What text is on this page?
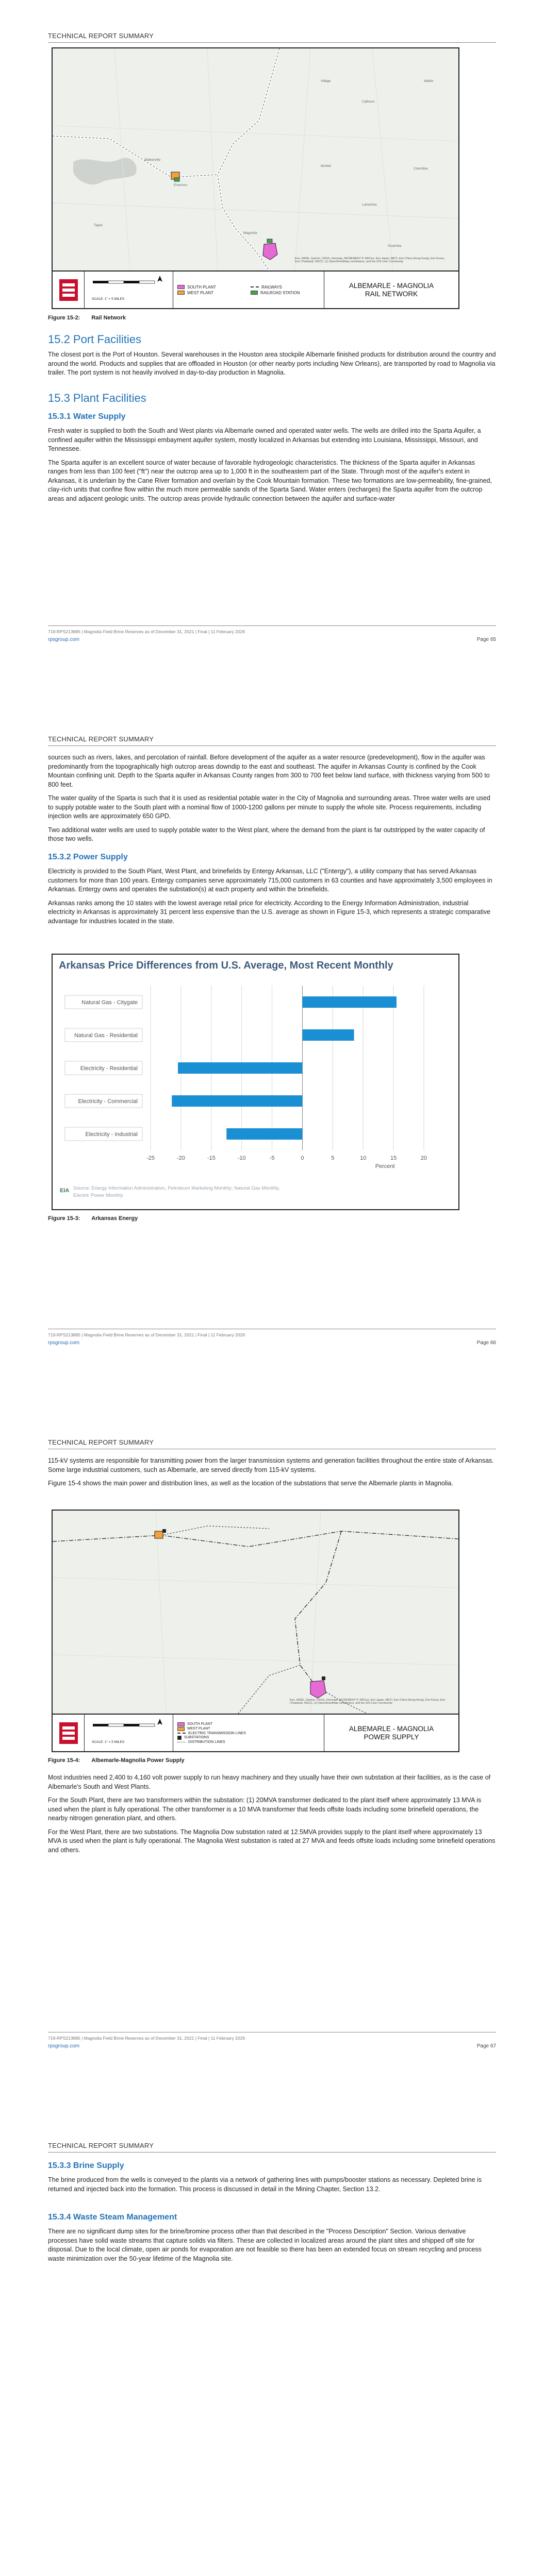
TECHNICAL REPORT SUMMARY
Walkerville
Magnolia
Emerson
Taylor
Calhoun
Columbia
McNeil
Lamartine
Waldo
Ouachita
Village
Esri, HERE, Garmin, USGS, Intermap, INCREMENT P, NRCan, Esri Japan, METI, Esri China (Hong Kong), Esri Korea, Esri (Thailand), NGCC, (c) OpenStreetMap contributors, and the GIS User Community
SCALE: 1" = 5 MILES
SOUTH PLANT	RAILWAYS
WEST PLANT	RAILROAD STATION
ALBEMARLE - MAGNOLIA
RAIL NETWORK
Figure 15-2: Rail Network
15.2 Port Facilities

The closest port is the Port of Houston. Several warehouses in the Houston area stockpile Albemarle finished products for distribution around the country and around the world. Products and supplies that are offloaded in Houston (or other nearby ports including New Orleans), are transported by road to Magnolia via trailer. The port system is not heavily involved in day-to-day production in Magnolia.

15.3 Plant Facilities
15.3.1 Water Supply

Fresh water is supplied to both the South and West plants via Albemarle owned and operated water wells. The wells are drilled into the Sparta Aquifer, a confined aquifer within the Mississippi embayment aquifer system, mostly localized in Arkansas but extending into Louisiana, Mississippi, Missouri, and Tennessee.

The Sparta aquifer is an excellent source of water because of favorable hydrogeologic characteristics. The thickness of the Sparta aquifer in Arkansas ranges from less than 100 feet ("ft") near the outcrop area up to 1,000 ft in the southeastern part of the State. Through most of the aquifer's extent in Arkansas, it is underlain by the Cane River formation and overlain by the Cook Mountain formation. These two formations are low-permeability, fine-grained, clay-rich units that confine flow within the much more permeable sands of the Sparta Sand. Water enters (recharges) the Sparta aquifer from the outcrop areas and adjacent geologic units. The outcrop areas provide hydraulic connection between the aquifer and surface-water

719-RPS213885 | Magnolia Field Brine Reserves as of December 31, 2021 | Final | 11 February 2026
rpsgroup.com	Page 65
TECHNICAL REPORT SUMMARY

sources such as rivers, lakes, and percolation of rainfall. Before development of the aquifer as a water resource (predevelopment), flow in the aquifer was predominantly from the topographically high outcrop areas downdip to the east and southeast. The aquifer in Arkansas County is confined by the Cook Mountain confining unit. Depth to the Sparta aquifer in Arkansas County ranges from 300 to 700 feet below land surface, with thickness varying from 500 to 800 feet.

The water quality of the Sparta is such that it is used as residential potable water in the City of Magnolia and surrounding areas. Three water wells are used to supply potable water to the South plant with a nominal flow of 1000-1200 gallons per minute to supply the whole site. Process requirements, including injection wells are approximately 650 GPD.

Two additional water wells are used to supply potable water to the West plant, where the demand from the plant is far outstripped by the water capacity of those two wells.

15.3.2 Power Supply

Electricity is provided to the South Plant, West Plant, and brinefields by Entergy Arkansas, LLC ("Entergy"), a utility company that has served Arkansas customers for more than 100 years. Entergy companies serve approximately 715,000 customers in 63 counties and have approximately 3,500 employees in Arkansas. Entergy owns and operates the substation(s) at each property and within the brinefields.

Arkansas ranks among the 10 states with the lowest average retail price for electricity. According to the Energy Information Administration, industrial electricity in Arkansas is approximately 31 percent less expensive than the U.S. average as shown in Figure 15-3, which represents a strategic comparative advantage for industries located in the state.

Arkansas Price Differences from U.S. Average, Most Recent Monthly
-25	-20	-15	-10	-5	0	5	10	15	20
Natural Gas - Citygate
Natural Gas - Residential
Electricity - Residential
Electricity - Commercial
Electricity - Industrial
Percent
EIA Source: Energy Information Administration, Petroleum Marketing Monthly; Natural Gas Monthly,
Electric Power Monthly
Figure 15-3: Arkansas Energy
719-RPS213885 | Magnolia Field Brine Reserves as of December 31, 2021 | Final | 11 February 2026
rpsgroup.com	Page 66
TECHNICAL REPORT SUMMARY

115-kV systems are responsible for transmitting power from the larger transmission systems and generation facilities throughout the entire state of Arkansas. Some large industrial customers, such as Albemarle, are served directly from 115-kV systems.

Figure 15-4 shows the main power and distribution lines, as well as the location of the substations that serve the Albemarle plants in Magnolia.

Esri, HERE, Garmin, USGS, Intermap, INCREMENT P, NRCan, Esri Japan, METI, Esri China (Hong Kong), Esri Korea, Esri (Thailand), NGCC, (c) OpenStreetMap contributors, and the GIS User Community
SCALE: 1" = 5 MILES
SOUTH PLANT
WEST PLANT
ELECTRIC TRANSMISSION LINES
SUBSTATIONS
DISTRIBUTION LINES
ALBEMARLE - MAGNOLIA
POWER SUPPLY
Figure 15-4: Albemarle-Magnolia Power Supply

Most industries need 2,400 to 4,160 volt power supply to run heavy machinery and they usually have their own substation at their facilities, as is the case of Albemarle's South and West Plants.

For the South Plant, there are two transformers within the substation: (1) 20MVA transformer dedicated to the plant itself where approximately 13 MVA is used when the plant is fully operational. The other transformer is a 10 MVA transformer that feeds offsite loads including some brinefield operations, the nearby nitrogen generation plant, and others.

For the West Plant, there are two substations. The Magnolia Dow substation rated at 12.5MVA provides supply to the plant itself where approximately 13 MVA is used when the plant is fully operational. The Magnolia West substation is rated at 27 MVA and feeds offsite loads including some brinefield operations and others.

719-RPS213885 | Magnolia Field Brine Reserves as of December 31, 2021 | Final | 11 February 2026
rpsgroup.com	Page 67
TECHNICAL REPORT SUMMARY
15.3.3 Brine Supply

The brine produced from the wells is conveyed to the plants via a network of gathering lines with pumps/booster stations as necessary. Depleted brine is returned and injected back into the formation. This process is discussed in detail in the Mining Chapter, Section 13.2.

15.3.4 Waste Steam Management

There are no significant dump sites for the brine/bromine process other than that described in the "Process Description" Section. Various derivative processes have solid waste streams that capture solids via filters. These are collected in localized areas around the plant sites and shipped off site for disposal. Due to the local climate, open air ponds for evaporation are not feasible so there has been an extended focus on stream recycling and process waste minimization over the 50-year lifetime of the Magnolia site.
